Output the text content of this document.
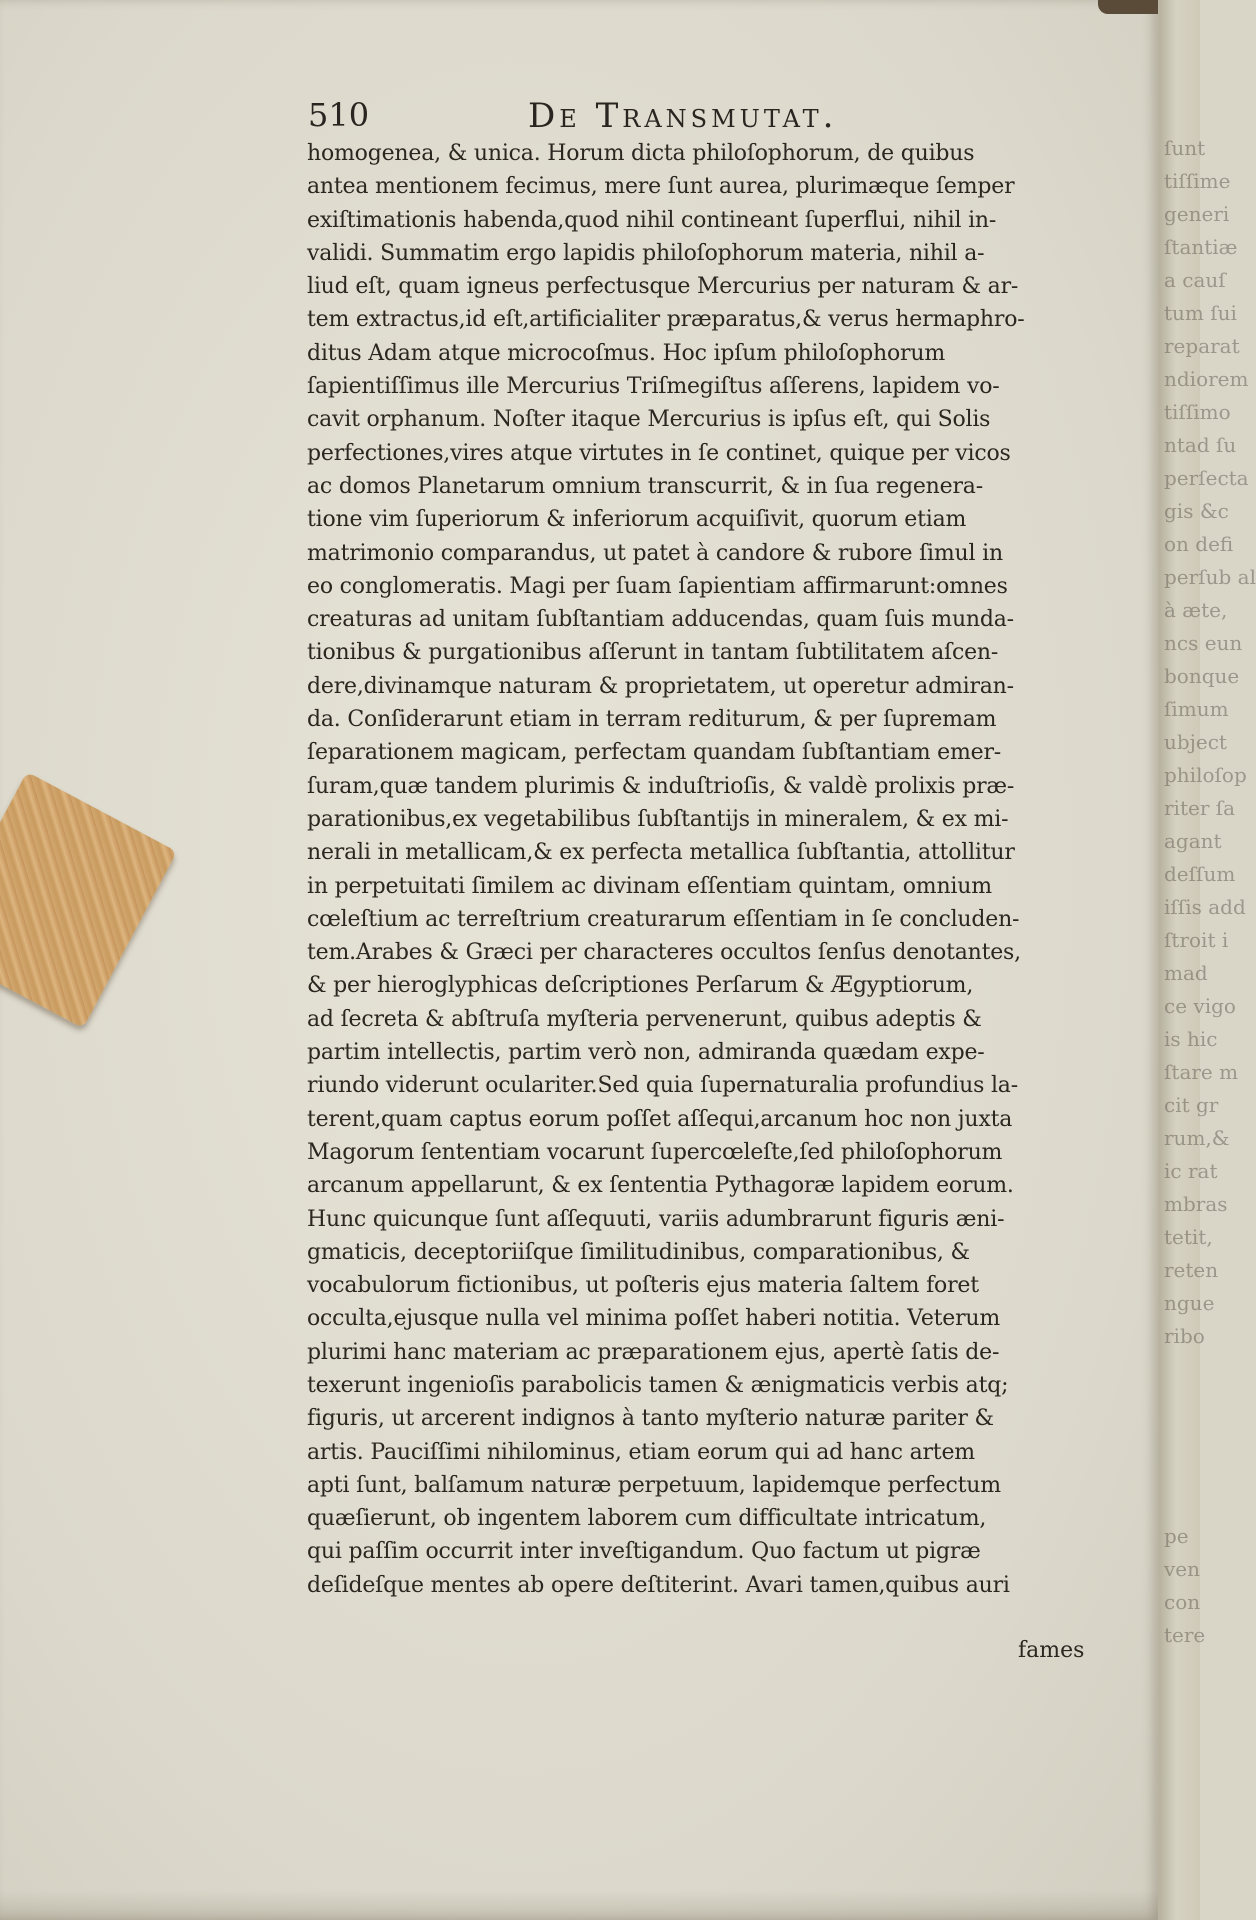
510	De Transmutat.
homogenea, & unica. Horum dicta philoſophorum, de quibus
antea mentionem fecimus, mere ſunt aurea, plurimæque ſemper
exiſtimationis habenda,quod nihil contineant ſuperflui, nihil in-
validi. Summatim ergo lapidis philoſophorum materia, nihil a-
liud eſt, quam igneus perfectusque Mercurius per naturam & ar-
tem extractus,id eſt,artificialiter præparatus,& verus hermaphro-
ditus Adam atque microcoſmus. Hoc ipſum philoſophorum
ſapientiſſimus ille Mercurius Triſmegiſtus aſſerens, lapidem vo-
cavit orphanum. Noſter itaque Mercurius is ipſus eſt, qui Solis
perfectiones,vires atque virtutes in ſe continet, quique per vicos
ac domos Planetarum omnium transcurrit, & in ſua regenera-
tione vim ſuperiorum & inferiorum acquiſivit, quorum etiam
matrimonio comparandus, ut patet à candore & rubore ſimul in
eo conglomeratis. Magi per ſuam ſapientiam affirmarunt:omnes
creaturas ad unitam ſubſtantiam adducendas, quam ſuis munda-
tionibus & purgationibus aſſerunt in tantam ſubtilitatem aſcen-
dere,divinamque naturam & proprietatem, ut operetur admiran-
da. Conſiderarunt etiam in terram rediturum, & per ſupremam
ſeparationem magicam, perfectam quandam ſubſtantiam emer-
ſuram,quæ tandem plurimis & induſtrioſis, & valdè prolixis præ-
parationibus,ex vegetabilibus ſubſtantijs in mineralem, & ex mi-
nerali in metallicam,& ex perfecta metallica ſubſtantia, attollitur
in perpetuitati ſimilem ac divinam eſſentiam quintam, omnium
cœleſtium ac terreſtrium creaturarum eſſentiam in ſe concluden-
tem.Arabes & Græci per characteres occultos ſenſus denotantes,
& per hieroglyphicas deſcriptiones Perſarum & Ægyptiorum,
ad ſecreta & abſtruſa myſteria pervenerunt, quibus adeptis &
partim intellectis, partim verò non, admiranda quædam expe-
riundo viderunt oculariter.Sed quia ſupernaturalia profundius la-
terent,quam captus eorum poſſet aſſequi,arcanum hoc non juxta
Magorum ſententiam vocarunt ſupercœleſte,ſed philoſophorum
arcanum appellarunt, & ex ſententia Pythagoræ lapidem eorum.
Hunc quicunque ſunt aſſequuti, variis adumbrarunt figuris æni-
gmaticis, deceptoriiſque ſimilitudinibus, comparationibus, &
vocabulorum fictionibus, ut poſteris ejus materia ſaltem foret
occulta,ejusque nulla vel minima poſſet haberi notitia. Veterum
plurimi hanc materiam ac præparationem ejus, apertè ſatis de-
texerunt ingenioſis parabolicis tamen & ænigmaticis verbis atq;
figuris, ut arcerent indignos à tanto myſterio naturæ pariter &
artis. Pauciſſimi nihilominus, etiam eorum qui ad hanc artem
apti ſunt, balſamum naturæ perpetuum, lapidemque perfectum
quæſierunt, ob ingentem laborem cum difficultate intricatum,
qui paſſim occurrit inter inveſtigandum. Quo factum ut pigræ
deſideſque mentes ab opere deſtiterint. Avari tamen,quibus auri
fames
ſunt
tiſſime
generi
ſtantiæ
a cauſ
tum ſui
reparat
ndiorem
tiſſimo
ntad ſu
perſecta
gis &c
on defi
perſub al
à æte,
ncs eun
bonque
ſimum
ubject
philoſop
riter ſa
agant
deſſum
iſſis add
ſtroit i
mad
ce vigo
is hic
ſtare m
cit gr
rum,&
ic rat
mbras
tetit,
reten
ngue
ribo
pe
ven
con
tere
